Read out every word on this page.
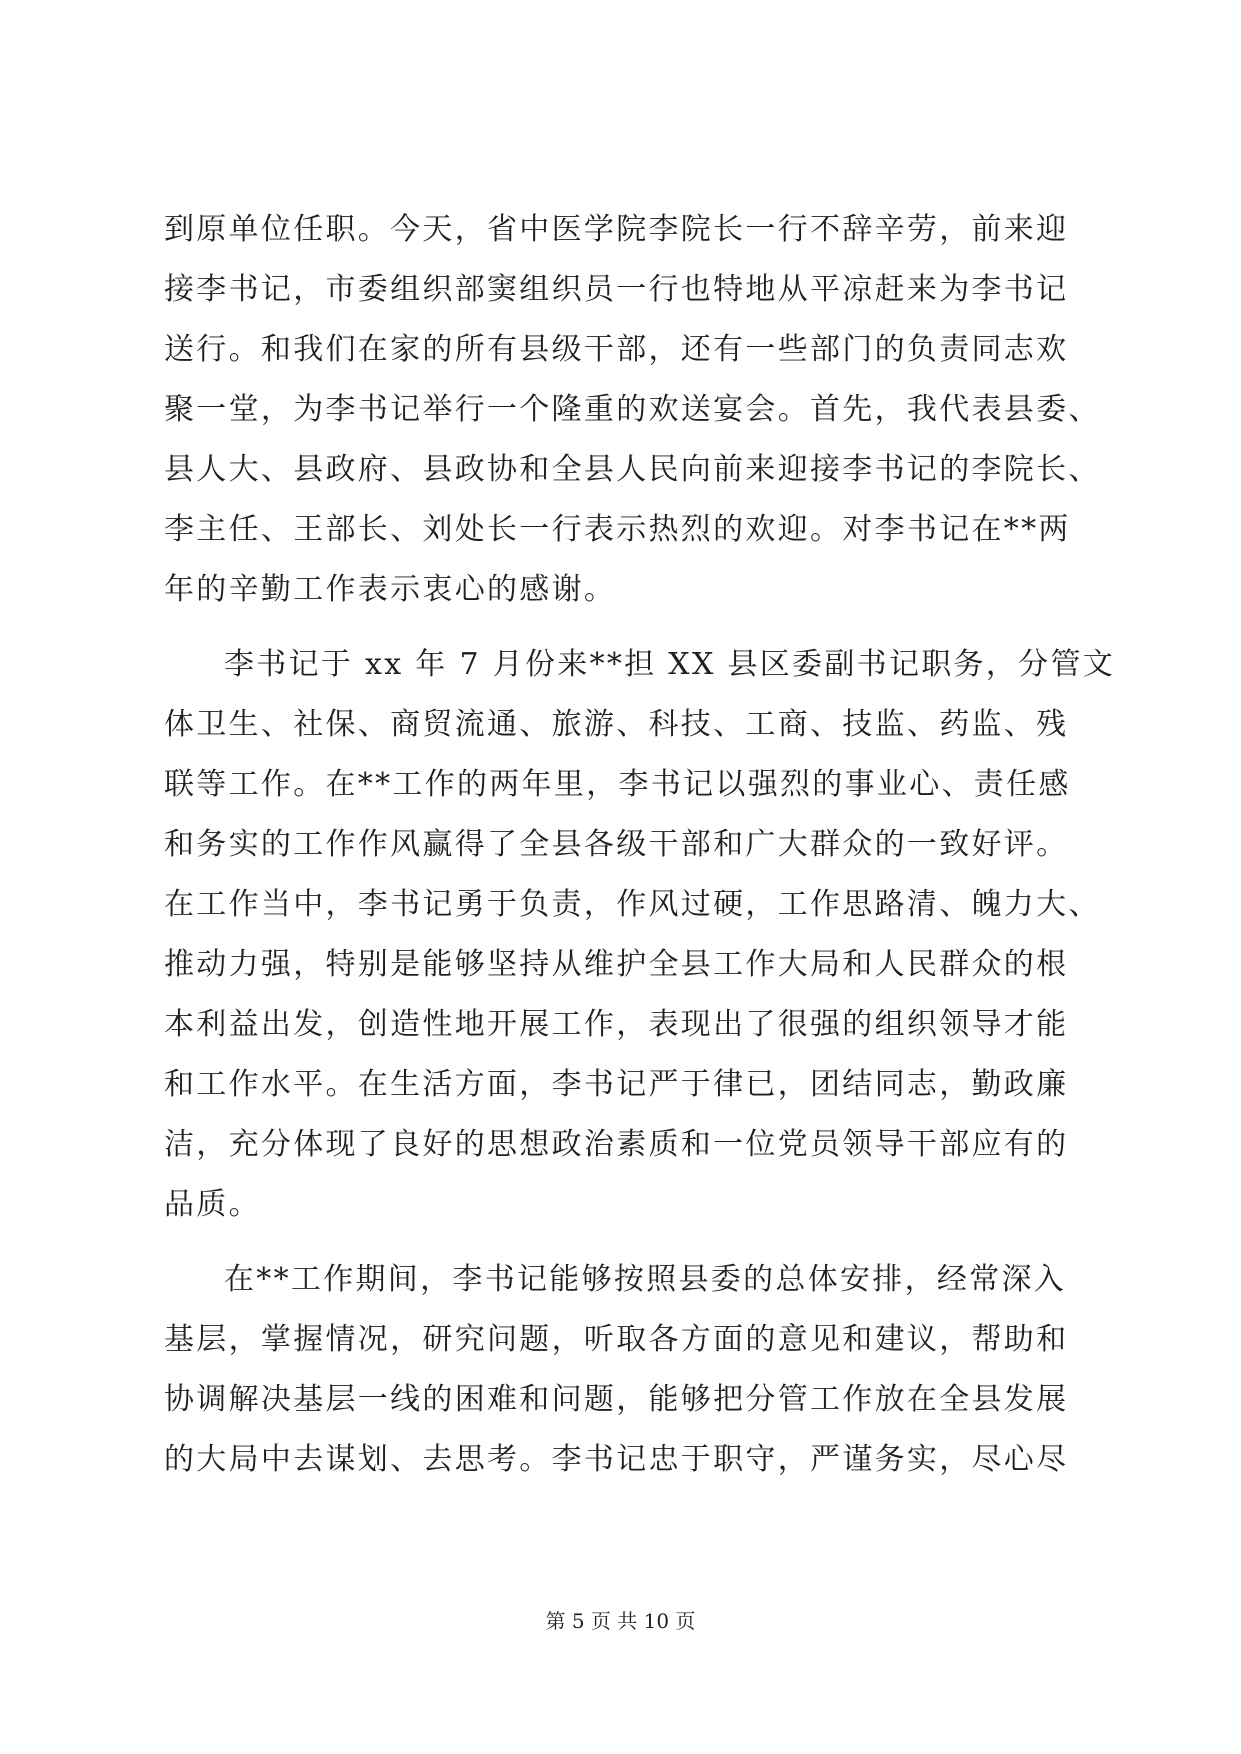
到原单位任职。今天，省中医学院李院长一行不辞辛劳，前来迎
接李书记，市委组织部窦组织员一行也特地从平凉赶来为李书记
送行。和我们在家的所有县级干部，还有一些部门的负责同志欢
聚一堂，为李书记举行一个隆重的欢送宴会。首先，我代表县委、
县人大、县政府、县政协和全县人民向前来迎接李书记的李院长、
李主任、王部长、刘处长一行表示热烈的欢迎。对李书记在**两
年的辛勤工作表示衷心的感谢。
李书记于 xx 年 7 月份来**担 XX 县区委副书记职务，分管文
体卫生、社保、商贸流通、旅游、科技、工商、技监、药监、残
联等工作。在**工作的两年里，李书记以强烈的事业心、责任感
和务实的工作作风赢得了全县各级干部和广大群众的一致好评。
在工作当中，李书记勇于负责，作风过硬，工作思路清、魄力大、
推动力强，特别是能够坚持从维护全县工作大局和人民群众的根
本利益出发，创造性地开展工作，表现出了很强的组织领导才能
和工作水平。在生活方面，李书记严于律已，团结同志，勤政廉
洁，充分体现了良好的思想政治素质和一位党员领导干部应有的
品质。
在**工作期间，李书记能够按照县委的总体安排，经常深入
基层，掌握情况，研究问题，听取各方面的意见和建议，帮助和
协调解决基层一线的困难和问题，能够把分管工作放在全县发展
的大局中去谋划、去思考。李书记忠于职守，严谨务实，尽心尽
第 5 页 共 10 页
